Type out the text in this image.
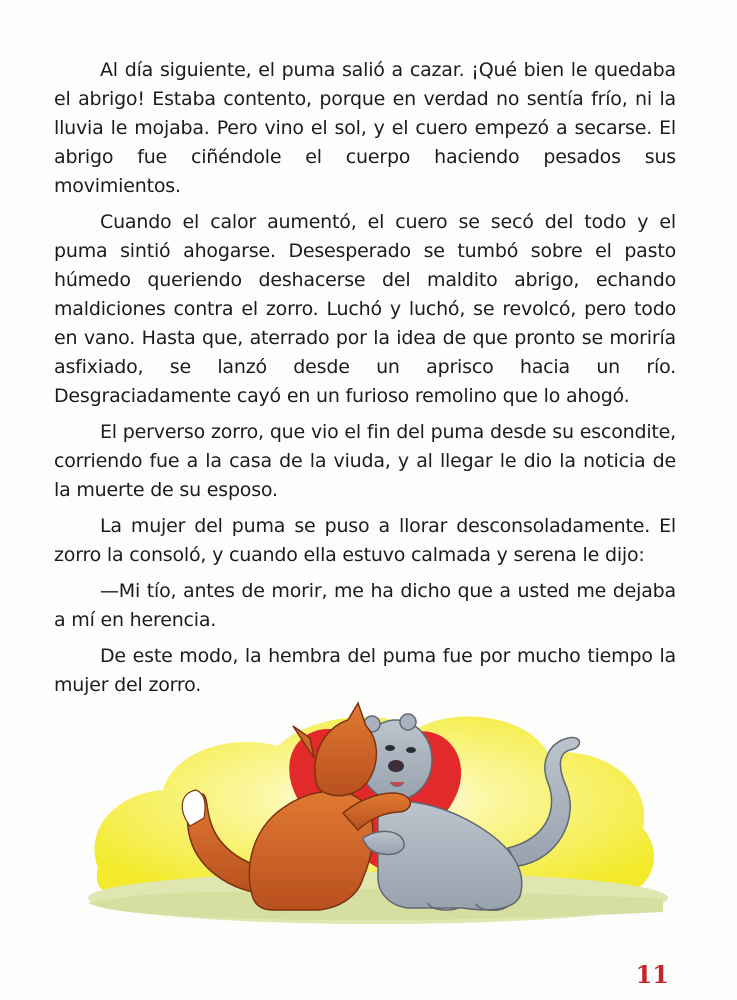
Al día siguiente, el puma salió a cazar. ¡Qué bien le quedaba el abrigo! Estaba contento, porque en verdad no sentía frío, ni la lluvia le mojaba. Pero vino el sol, y el cuero empezó a secarse. El abrigo fue ciñéndole el cuerpo haciendo pesados sus movimientos.

Cuando el calor aumentó, el cuero se secó del todo y el puma sintió ahogarse. Desesperado se tumbó sobre el pasto húmedo queriendo deshacerse del maldito abrigo, echando maldiciones contra el zorro. Luchó y luchó, se revolcó, pero todo en vano. Hasta que, aterrado por la idea de que pronto se moriría asfixiado, se lanzó desde un aprisco hacia un río. Desgraciadamente cayó en un furioso remolino que lo ahogó.

El perverso zorro, que vio el fin del puma desde su escondite, corriendo fue a la casa de la viuda, y al llegar le dio la noticia de la muerte de su esposo.

La mujer del puma se puso a llorar desconsoladamente. El zorro la consoló, y cuando ella estuvo calmada y serena le dijo:

—Mi tío, antes de morir, me ha dicho que a usted me dejaba a mí en herencia.

De este modo, la hembra del puma fue por mucho tiempo la mujer del zorro.

11
